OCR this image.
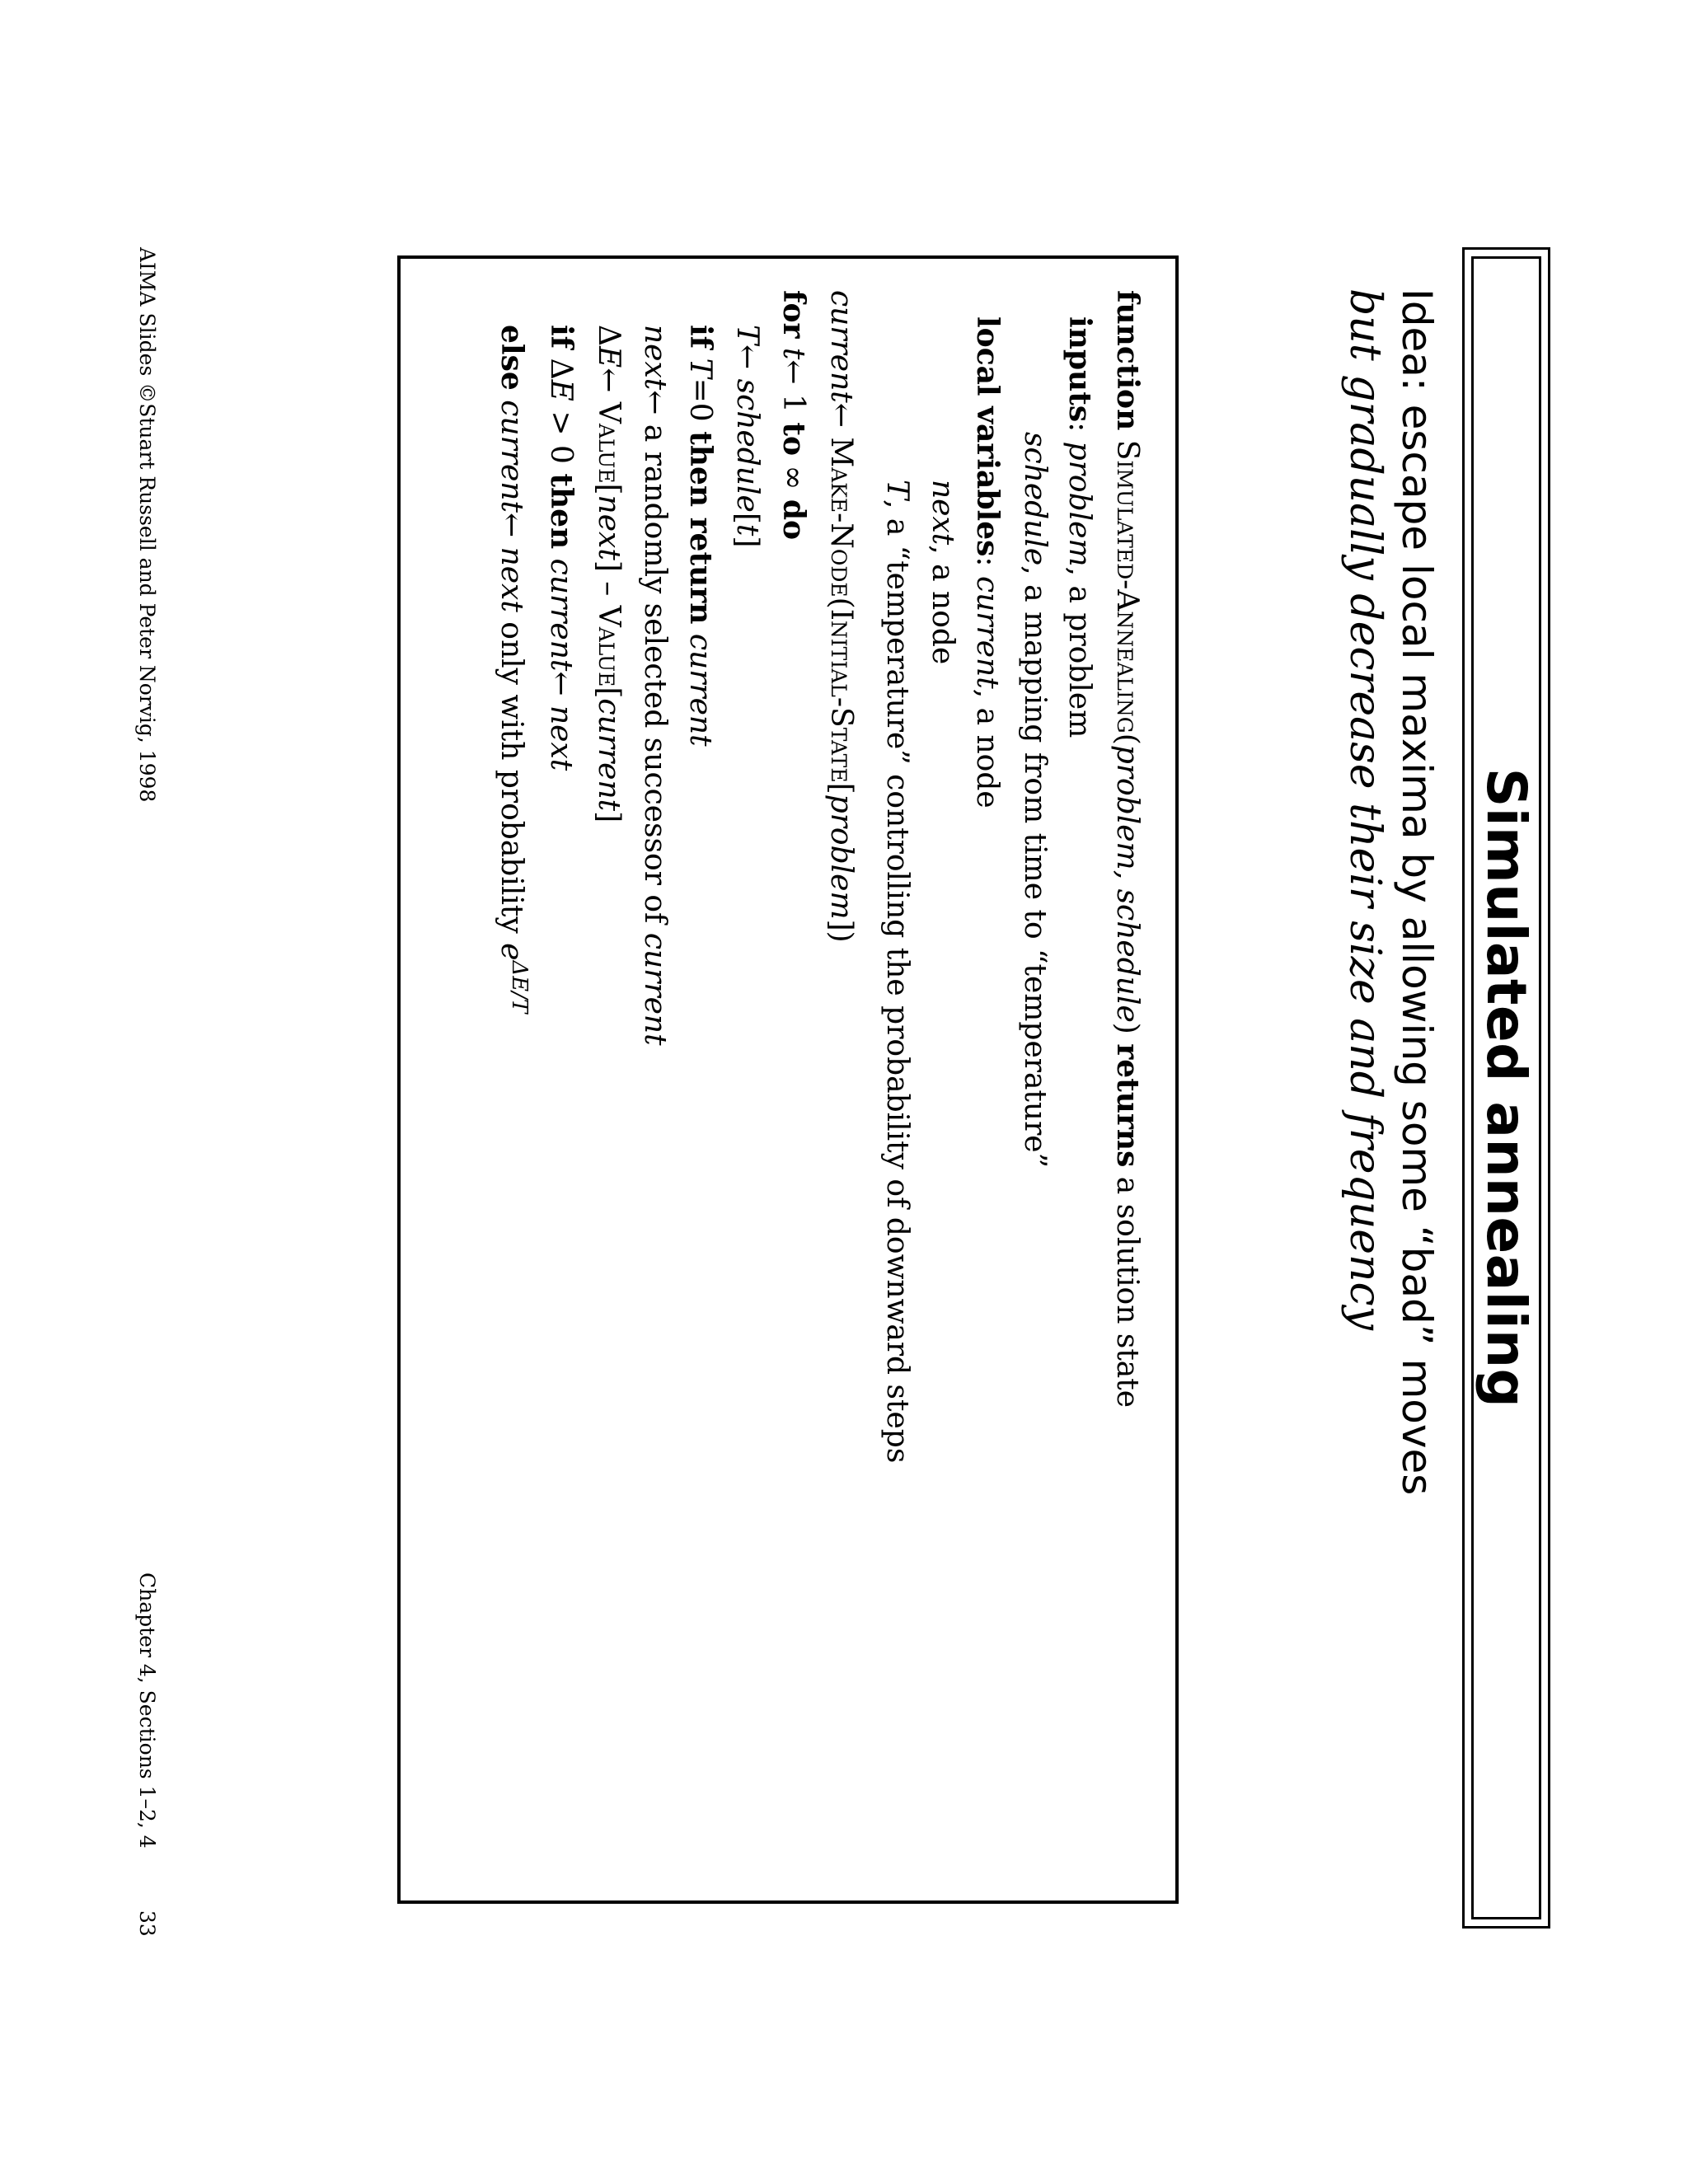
Simulated annealing
Idea: escape local maxima by allowing some “bad” moves
but gradually decrease their size and frequency
function Simulated-Annealing(problem, schedule) returns a solution state
inputs: problem, a problem
schedule, a mapping from time to “temperature”
local variables: current, a node
next, a node
T, a “temperature” controlling the probability of downward steps
current← Make-Node(Initial-State[problem])
for t← 1 to ∞ do
T← schedule[t]
if T=0 then return current
next← a randomly selected successor of current
ΔE← Value[next] – Value[current]
if ΔE > 0 then current← next
else current← next only with probability $e^{\Delta E/T}$
AIMA Slides ©Stuart Russell and Peter Norvig, 1998
Chapter 4, Sections 1–2, 4
33
